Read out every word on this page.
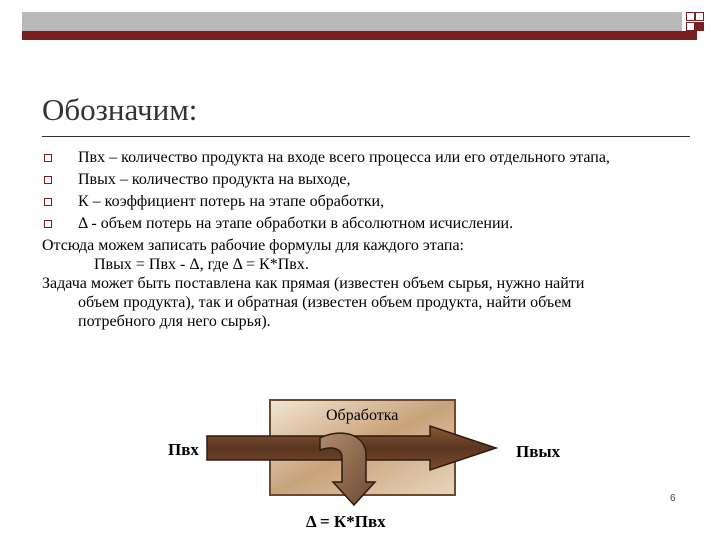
Обозначим:
Пвх – количество продукта на входе всего процесса или его отдельного этапа,
Пвых – количество продукта на выходе,
К – коэффициент потерь на этапе обработки,
Δ - объем потерь на этапе обработки в абсолютном исчислении.
Отсюда можем записать рабочие формулы для каждого этапа:
Пвых = Пвх - Δ, где Δ = К*Пвх.
Задача может быть поставлена как прямая (известен объем сырья, нужно найти
объем продукта), так и обратная (известен объем продукта, найти объем
потребного для него сырья).
Обработка
Пвх	Пвых
Δ = К*Пвх
6
